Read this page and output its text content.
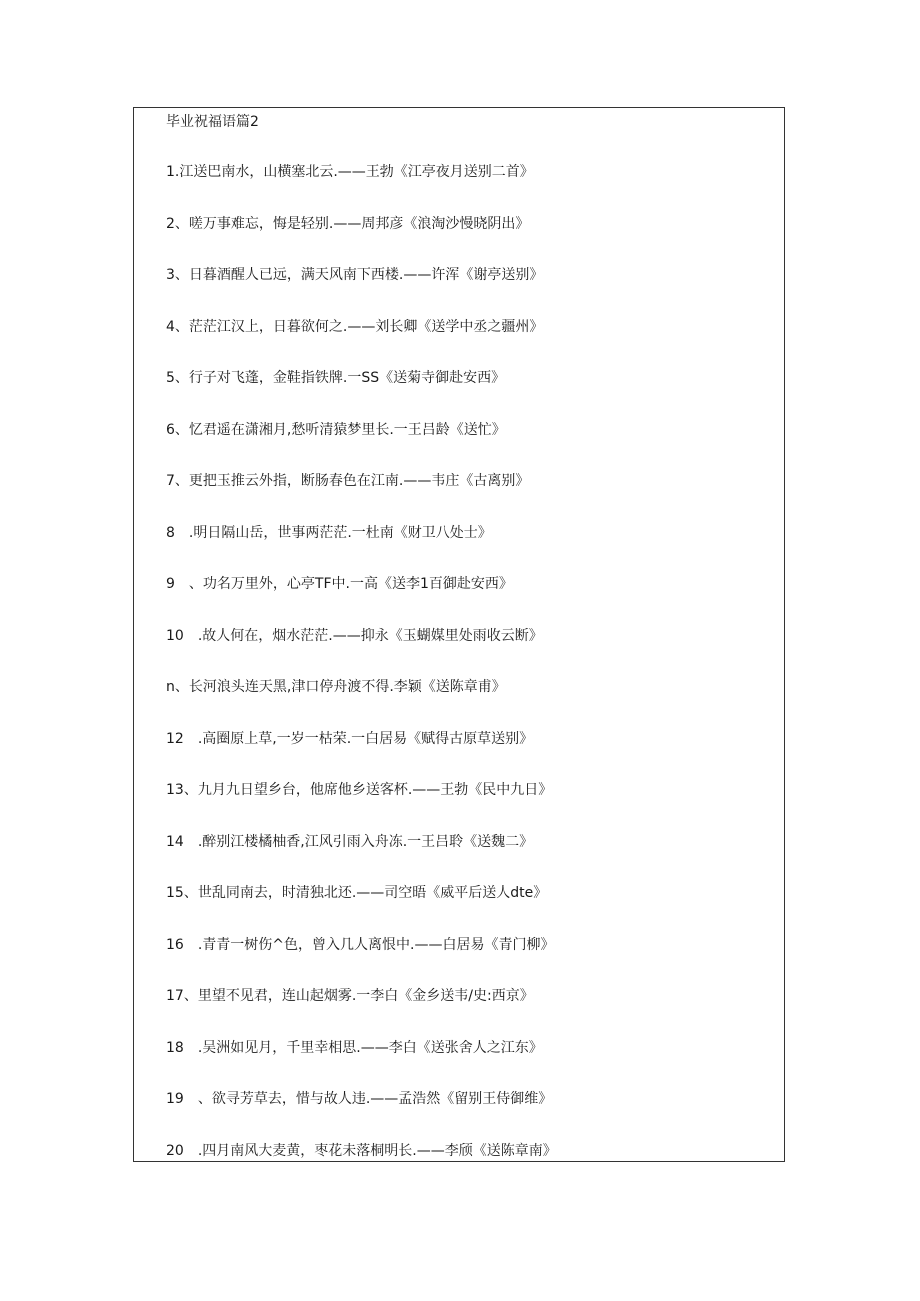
毕业祝福语篇2
1.江送巴南水，山横塞北云.——王勃《江亭夜月送别二首》
2、嗟万事难忘，悔是轻别.——周邦彦《浪淘沙慢晓阴出》
3、日暮酒醒人已远，满天风南下西楼.——许浑《谢亭送别》
4、茫茫江汉上，日暮欲何之.——刘长卿《送学中丞之疆州》
5、行子对飞蓬，金鞋指铁牌.一SS《送菊寺御赴安西》
6、忆君遥在潇湘月,愁听清猿梦里长.一王吕龄《送忙》
7、更把玉推云外指，断肠春色在江南.——韦庄《古离别》
8　.明日隔山岳，世事两茫茫.一杜南《财卫八处士》
9　、功名万里外，心亭TF中.一高《送李1百御赴安西》
10　.故人何在，烟水茫茫.——抑永《玉蝴媒里处雨收云断》
n、长河浪头连天黑,津口停舟渡不得.李颖《送陈章甫》
12　.高圈原上草,一岁一枯荣.一白居易《赋得古原草送别》
13、九月九日望乡台，他席他乡送客杯.——王勃《民中九日》
14　.醉别江楼橘柚香,江风引雨入舟冻.一王吕聆《送魏二》
15、世乱同南去，时清独北还.——司空晤《威平后送人dte》
16　.青青一树伤^色，曾入几人离恨中.——白居易《青门柳》
17、里望不见君，连山起烟雾.一李白《金乡送韦/史:西京》
18　.吴洲如见月，千里幸相思.——李白《送张舍人之江东》
19　、欲寻芳草去，惜与故人违.——孟浩然《留别王侍御维》
20　.四月南风大麦黄，枣花未落桐明长.——李颀《送陈章南》
